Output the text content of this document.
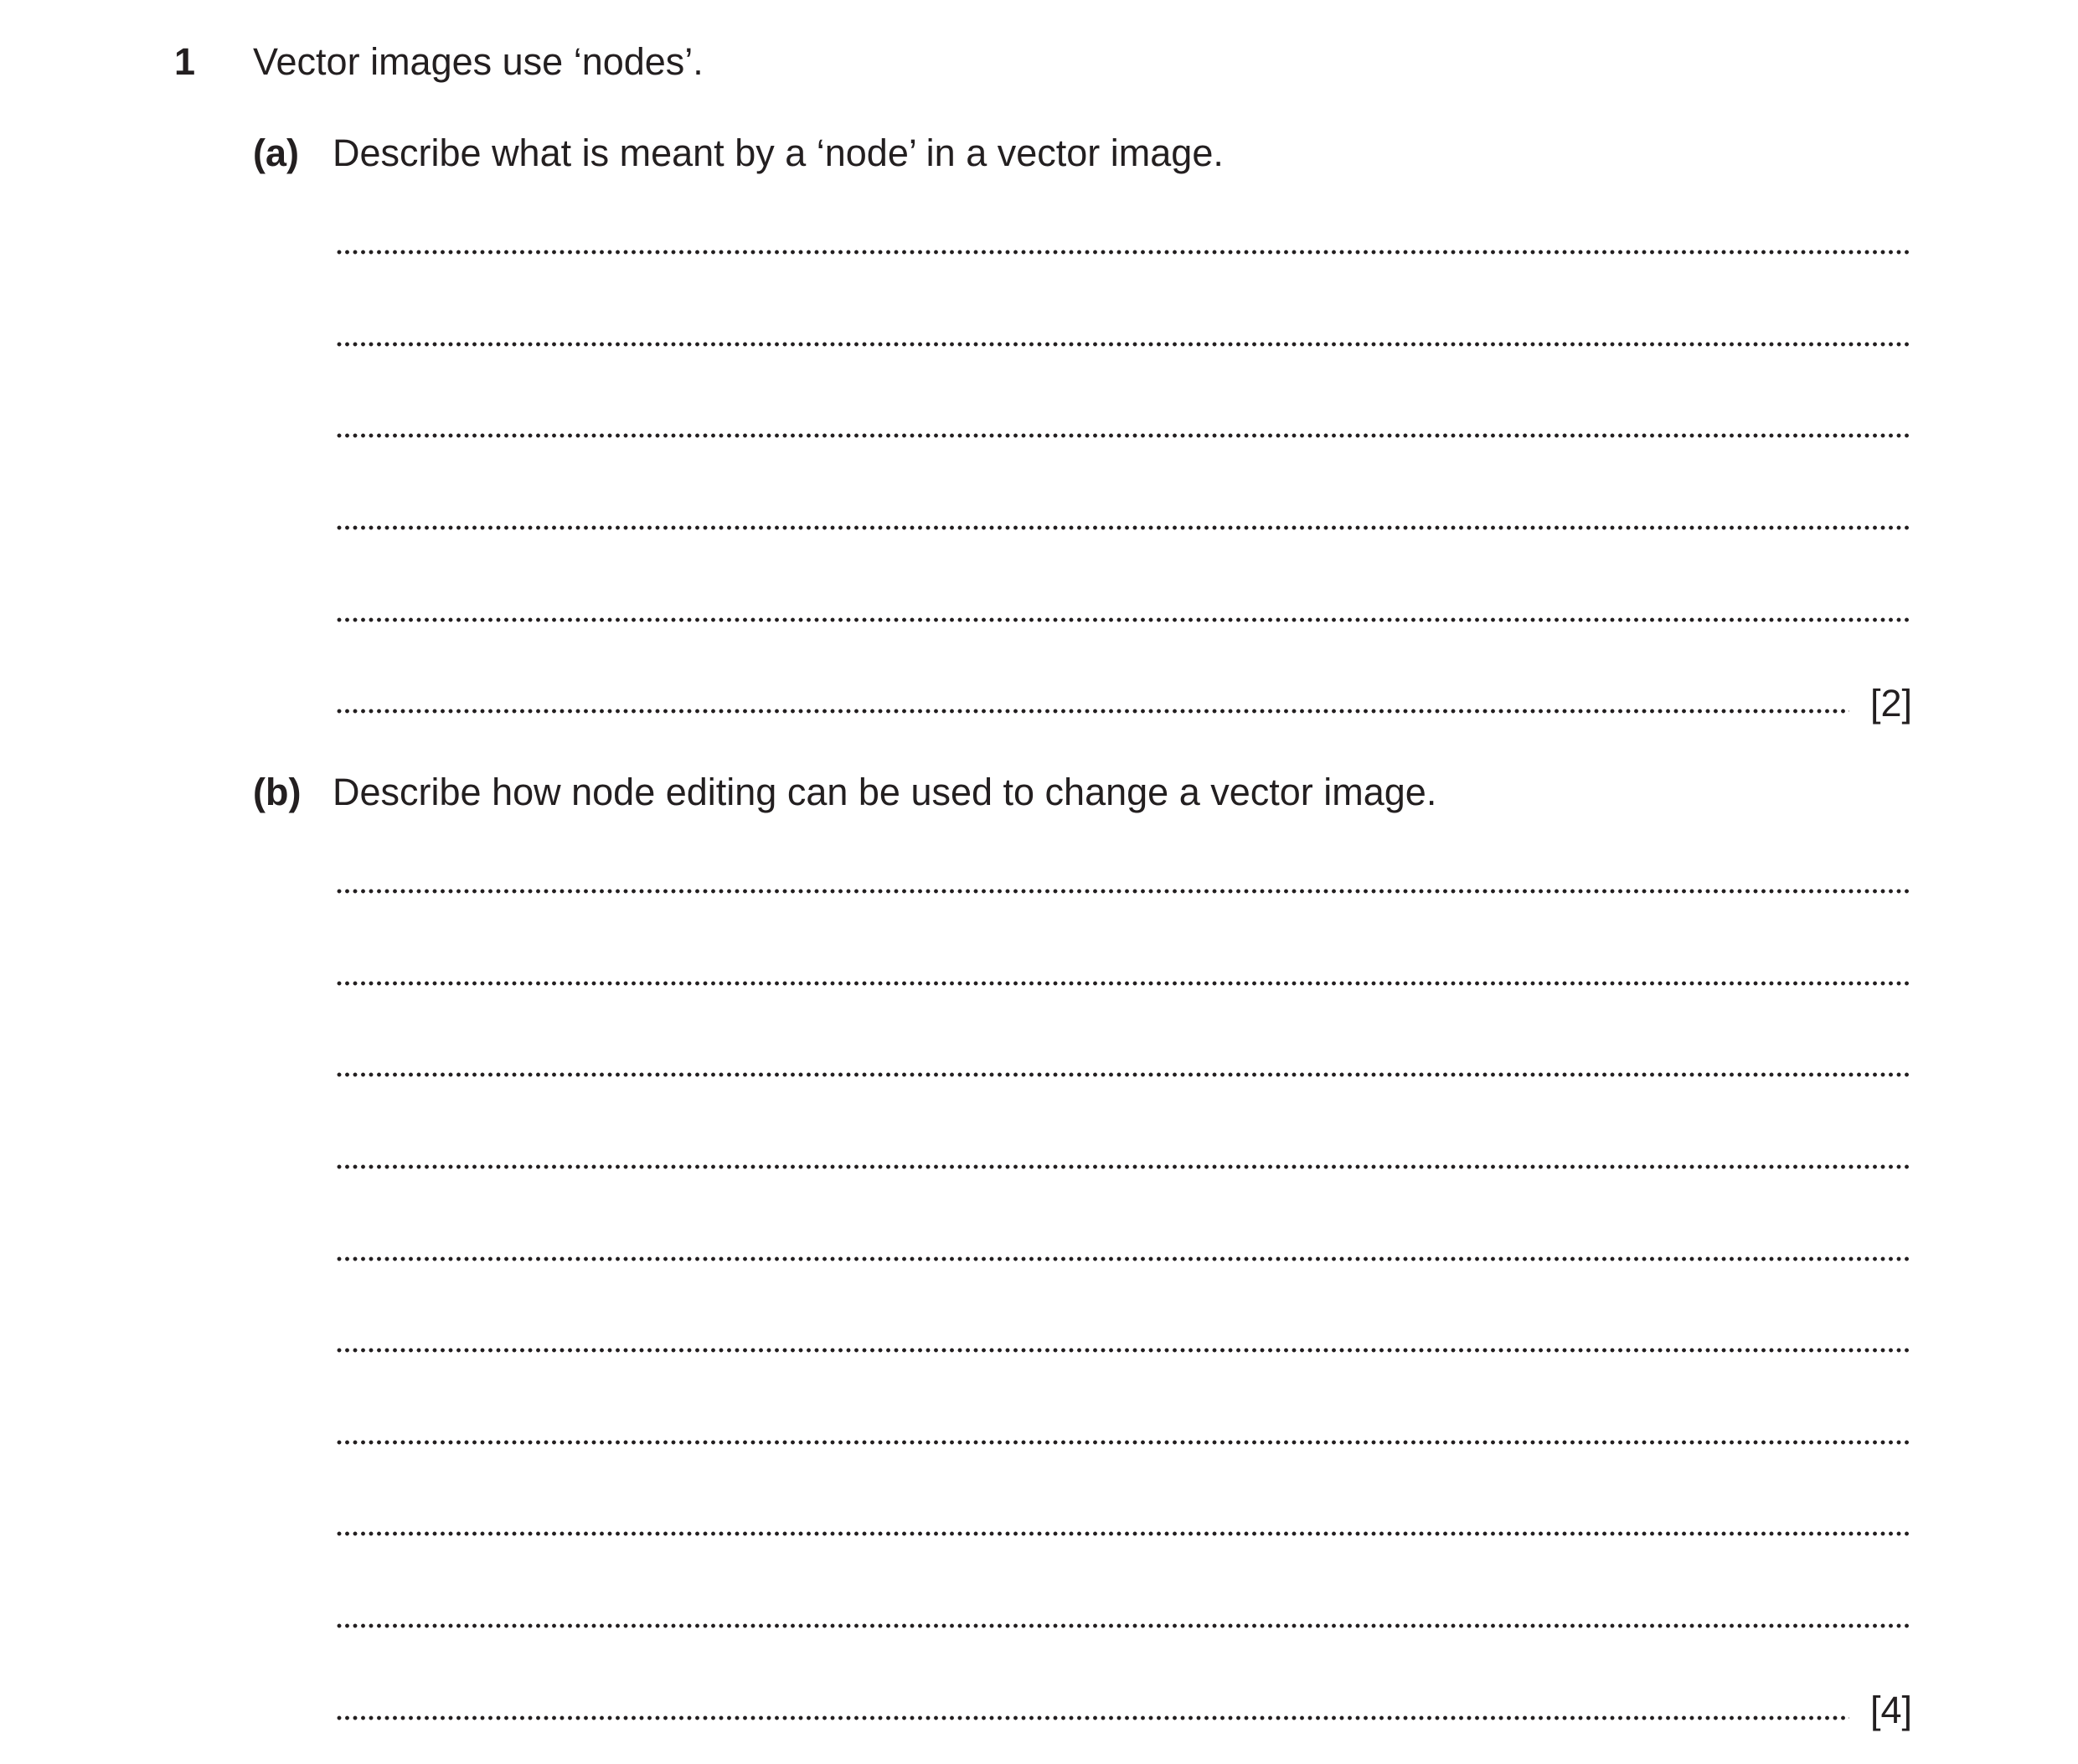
1 Vector images use ‘nodes’.
(a) Describe what is meant by a ‘node’ in a vector image.
[2]
(b) Describe how node editing can be used to change a vector image.
[4]
